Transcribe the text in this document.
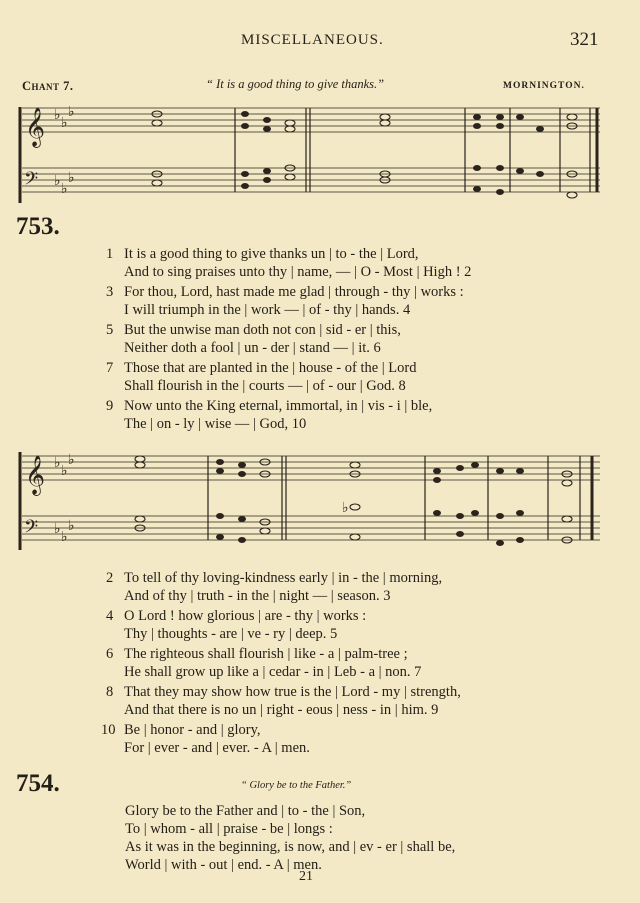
MISCELLANEOUS.	321
Chant 7.	“ It is a good thing to give thanks.”	MORNINGTON.
𝄞 ♭ ♭
♭
𝄢 ♭ ♭
♭
753.
1 It is a good thing to give thanks un | to - the | Lord,
And to sing praises unto thy | name, — | O - Most | High ! 2
3 For thou, Lord, hast made me glad | through - thy | works :
I will triumph in the | work — | of - thy | hands. 4
5 But the unwise man doth not con | sid - er | this,
Neither doth a fool | un - der | stand — | it. 6
7 Those that are planted in the | house - of the | Lord
Shall flourish in the | courts — | of - our | God. 8
9 Now unto the King eternal, immortal, in | vis - i | ble,
The | on - ly | wise — | God, 10
𝄞 ♭ ♭
♭
𝄢 ♭ ♭
♭
♭
2 To tell of thy loving-kindness early | in - the | morning,
And of thy | truth - in the | night — | season. 3
4 O Lord ! how glorious | are - thy | works :
Thy | thoughts - are | ve - ry | deep. 5
6 The righteous shall flourish | like - a | palm-tree ;
He shall grow up like a | cedar - in | Leb - a | non. 7
8 That they may show how true is the | Lord - my | strength,
And that there is no un | right - eous | ness - in | him. 9
10 Be | honor - and | glory,
For | ever - and | ever. - A | men.
754.	“ Glory be to the Father.”
Glory be to the Father and | to - the | Son,
To | whom - all | praise - be | longs :
As it was in the beginning, is now, and | ev - er | shall be,
World | with - out | end. - A | men.
21
